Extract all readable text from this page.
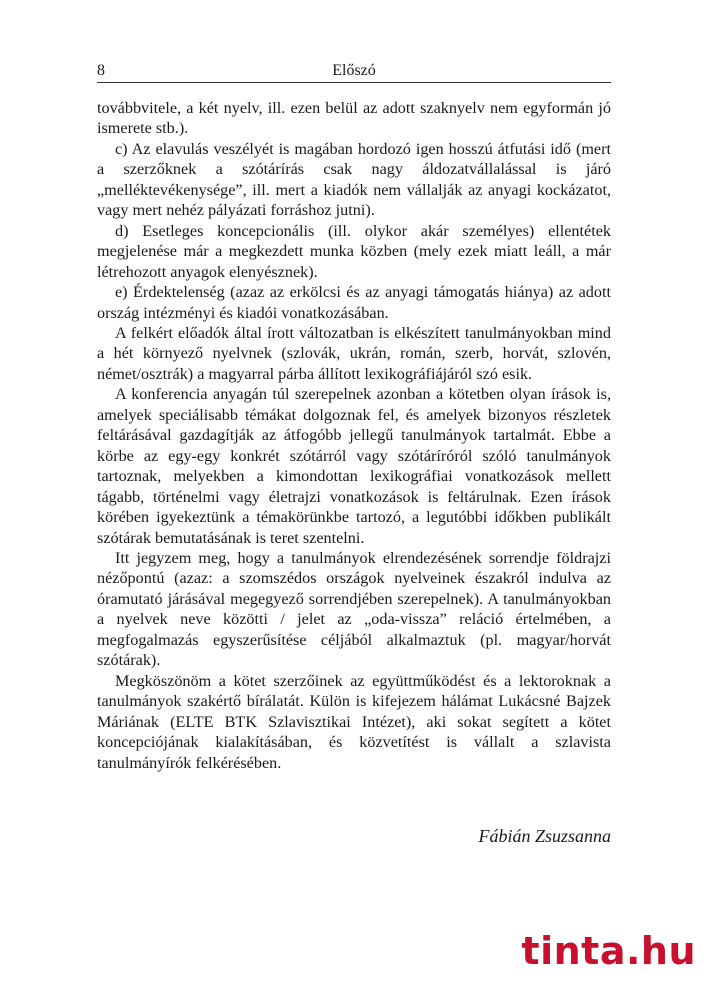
8	Előszó

továbbvitele, a két nyelv, ill. ezen belül az adott szaknyelv nem egyformán jó ismerete stb.).

c) Az elavulás veszélyét is magában hordozó igen hosszú átfutási idő (mert a szerzőknek a szótárírás csak nagy áldozatvállalással is járó „melléktevékenysége”, ill. mert a kiadók nem vállalják az anyagi kockázatot, vagy mert nehéz pályázati forráshoz jutni).

d) Esetleges koncepcionális (ill. olykor akár személyes) ellentétek megjelenése már a megkezdett munka közben (mely ezek miatt leáll, a már létrehozott anyagok elenyésznek).

e) Érdektelenség (azaz az erkölcsi és az anyagi támogatás hiánya) az adott ország intézményi és kiadói vonatkozásában.

A felkért előadók által írott változatban is elkészített tanulmányokban mind a hét környező nyelvnek (szlovák, ukrán, román, szerb, horvát, szlovén, német/osztrák) a magyarral párba állított lexikográfiájáról szó esik.

A konferencia anyagán túl szerepelnek azonban a kötetben olyan írások is, amelyek speciálisabb témákat dolgoznak fel, és amelyek bizonyos részletek feltárásával gazdagítják az átfogóbb jellegű tanulmányok tartalmát. Ebbe a körbe az egy-egy konkrét szótárról vagy szótáríróról szóló tanulmányok tartoznak, melyekben a kimondottan lexikográfiai vonatkozások mellett tágabb, történelmi vagy életrajzi vonatkozások is feltárulnak. Ezen írások körében igyekeztünk a témakörünkbe tartozó, a legutóbbi időkben publikált szótárak bemutatásának is teret szentelni.

Itt jegyzem meg, hogy a tanulmányok elrendezésének sorrendje földrajzi nézőpontú (azaz: a szomszédos országok nyelveinek északról indulva az óramutató járásával megegyező sorrendjében szerepelnek). A tanulmányokban a nyelvek neve közötti / jelet az „oda-vissza” reláció értelmében, a megfogalmazás egyszerűsítése céljából alkalmaztuk (pl. magyar/horvát szótárak).

Megköszönöm a kötet szerzőinek az együttműködést és a lektoroknak a tanulmányok szakértő bírálatát. Külön is kifejezem hálámat Lukácsné Bajzek Máriának (ELTE BTK Szlavisztikai Intézet), aki sokat segített a kötet koncepciójának kialakításában, és közvetítést is vállalt a szlavista tanulmányírók felkérésében.

Fábián Zsuzsanna
tinta.hu
